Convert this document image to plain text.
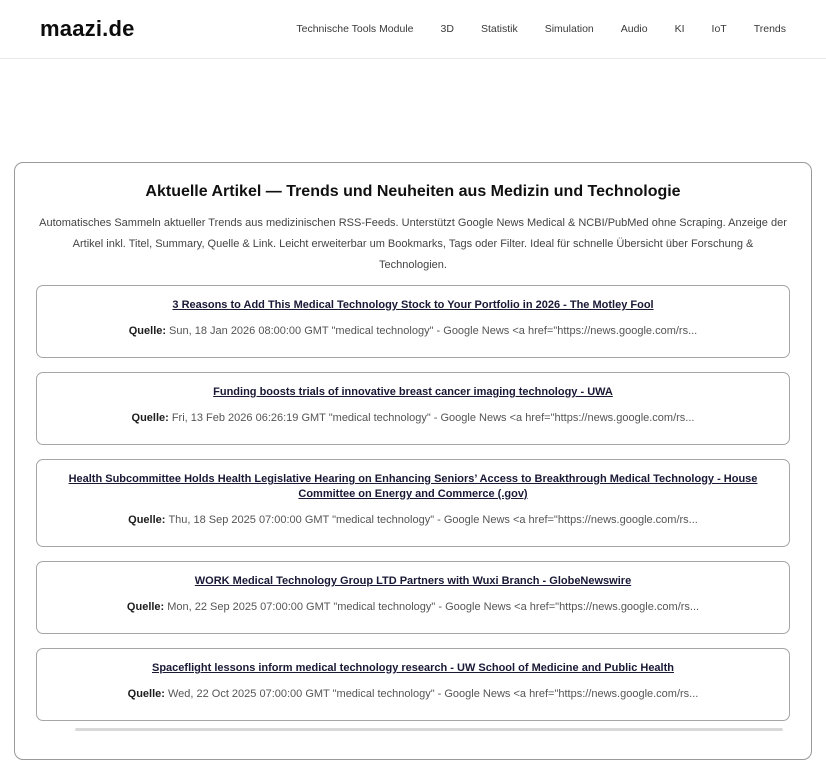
maazi.de	Technische Tools Module	3D	Statistik	Simulation	Audio	KI	IoT	Trends
Aktuelle Artikel — Trends und Neuheiten aus Medizin und Technologie

Automatisches Sammeln aktueller Trends aus medizinischen RSS-Feeds. Unterstützt Google News Medical & NCBI/PubMed ohne Scraping. Anzeige der Artikel inkl. Titel, Summary, Quelle & Link. Leicht erweiterbar um Bookmarks, Tags oder Filter. Ideal für schnelle Übersicht über Forschung & Technologien.

3 Reasons to Add This Medical Technology Stock to Your Portfolio in 2026 - The Motley Fool

Quelle: Sun, 18 Jan 2026 08:00:00 GMT "medical technology" - Google News <a href="https://news.google.com/rs...

Funding boosts trials of innovative breast cancer imaging technology - UWA

Quelle: Fri, 13 Feb 2026 06:26:19 GMT "medical technology" - Google News <a href="https://news.google.com/rs...

Health Subcommittee Holds Health Legislative Hearing on Enhancing Seniors’ Access to Breakthrough Medical Technology - House Committee on Energy and Commerce (.gov)

Quelle: Thu, 18 Sep 2025 07:00:00 GMT "medical technology" - Google News <a href="https://news.google.com/rs...

WORK Medical Technology Group LTD Partners with Wuxi Branch - GlobeNewswire

Quelle: Mon, 22 Sep 2025 07:00:00 GMT "medical technology" - Google News <a href="https://news.google.com/rs...

Spaceflight lessons inform medical technology research - UW School of Medicine and Public Health

Quelle: Wed, 22 Oct 2025 07:00:00 GMT "medical technology" - Google News <a href="https://news.google.com/rs...
